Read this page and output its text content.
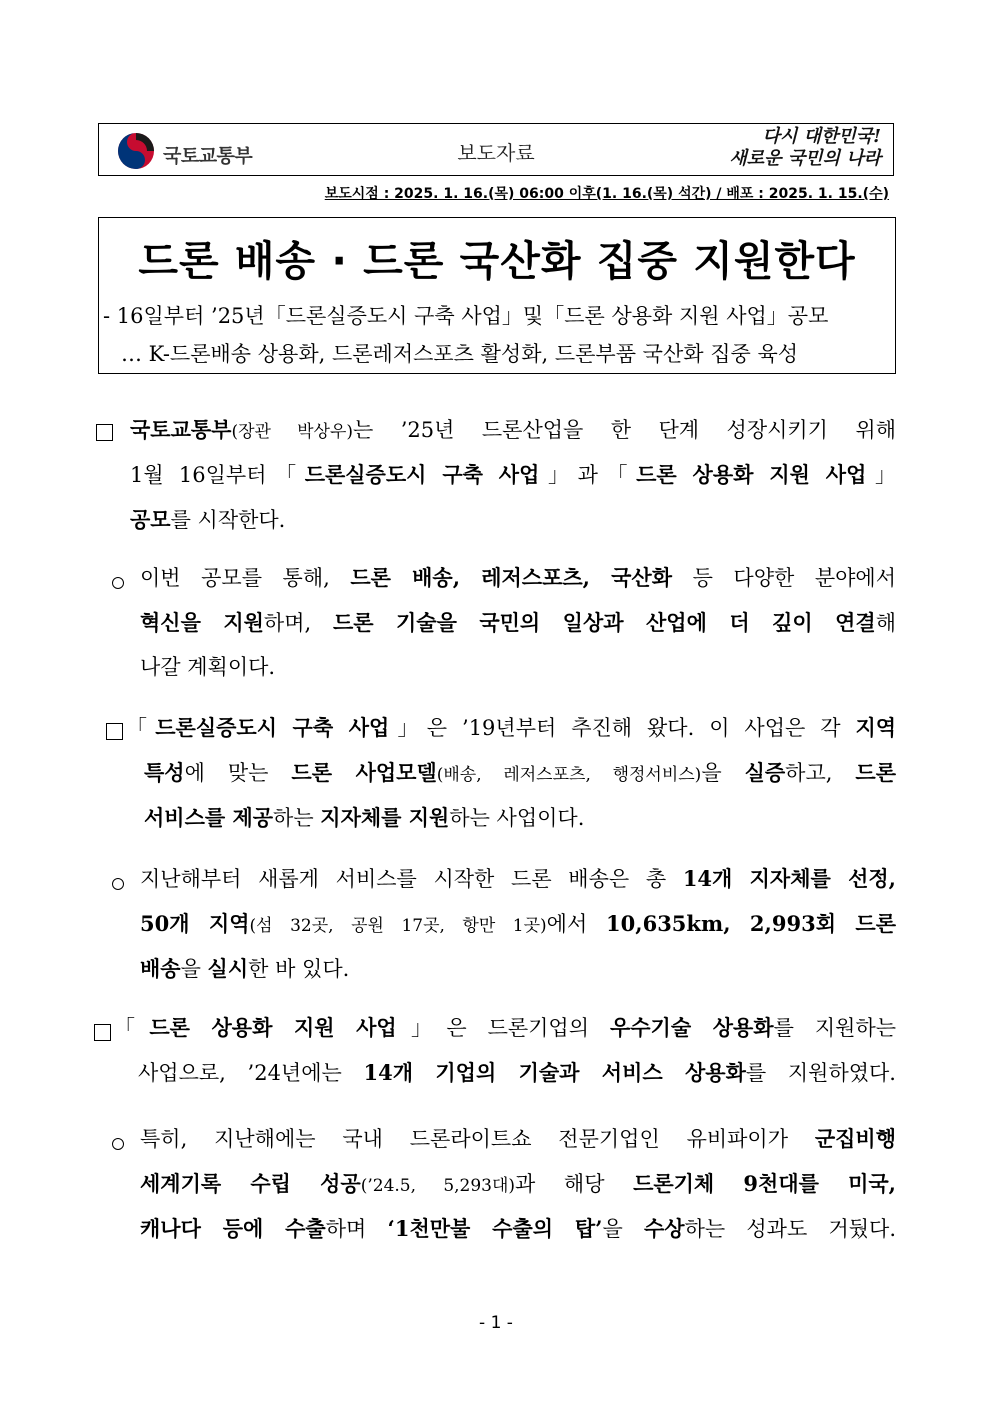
국토교통부	보도자료
다시 대한민국!
새로운 국민의 나라
보도시점 : 2025. 1. 16.(목) 06:00 이후(1. 16.(목) 석간) / 배포 : 2025. 1. 15.(수)
드론 배송 · 드론 국산화 집중 지원한다
- 16일부터 ’25년「드론실증도시 구축 사업」및「드론 상용화 지원 사업」공모
… K-드론배송 상용화, 드론레저스포츠 활성화, 드론부품 국산화 집중 육성
국토교통부(장관 박상우)는 ’25년 드론산업을 한 단계 성장시키기 위해
1월 16일부터「드론실증도시 구축 사업」과「드론 상용화 지원 사업」
공모를 시작한다.
이번 공모를 통해, 드론 배송, 레저스포츠, 국산화 등 다양한 분야에서
혁신을 지원하며, 드론 기술을 국민의 일상과 산업에 더 깊이 연결해
나갈 계획이다.
「드론실증도시 구축 사업」은 ’19년부터 추진해 왔다. 이 사업은 각 지역
특성에 맞는 드론 사업모델(배송, 레저스포츠, 행정서비스)을 실증하고, 드론
서비스를 제공하는 지자체를 지원하는 사업이다.
지난해부터 새롭게 서비스를 시작한 드론 배송은 총 14개 지자체를 선정,
50개 지역(섬 32곳, 공원 17곳, 항만 1곳)에서 10,635km, 2,993회 드론
배송을 실시한 바 있다.
「드론 상용화 지원 사업」은 드론기업의 우수기술 상용화를 지원하는
사업으로, ’24년에는 14개 기업의 기술과 서비스 상용화를 지원하였다.
특히, 지난해에는 국내 드론라이트쇼 전문기업인 유비파이가 군집비행
세계기록 수립 성공(’24.5, 5,293대)과 해당 드론기체 9천대를 미국,
캐나다 등에 수출하며 ‘1천만불 수출의 탑’을 수상하는 성과도 거뒀다.
- 1 -
